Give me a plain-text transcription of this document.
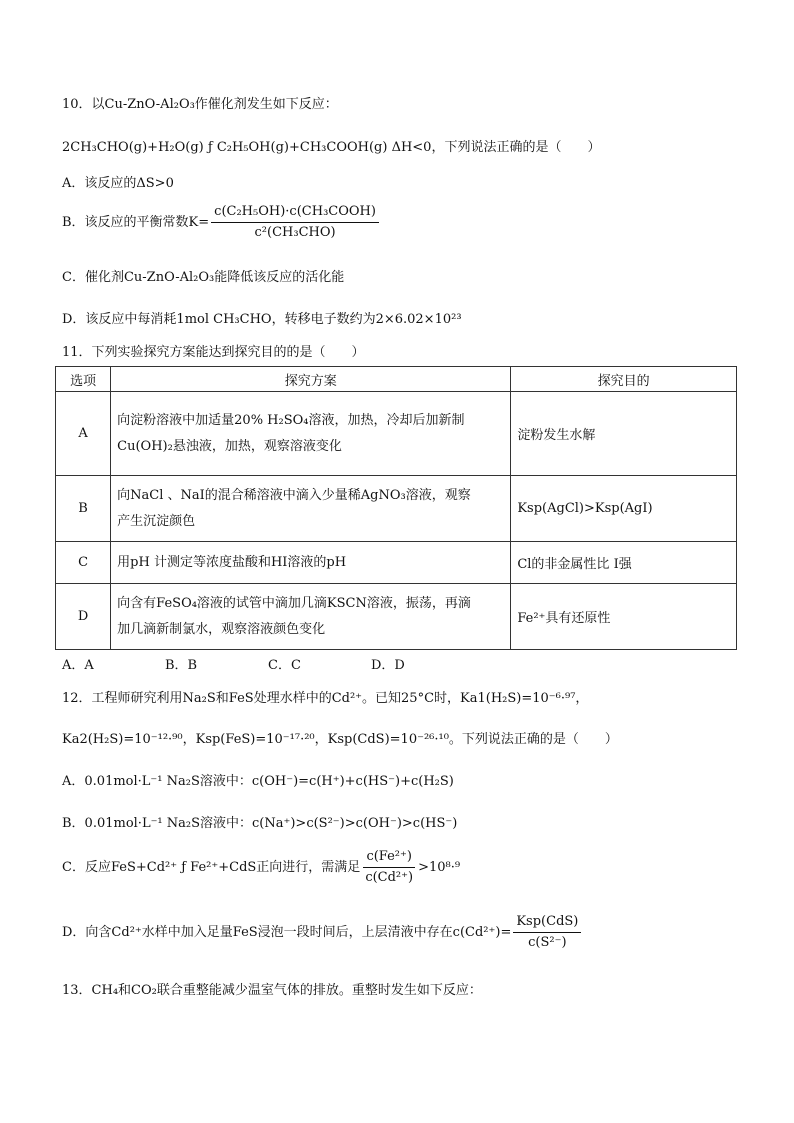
10．以Cu-ZnO-Al₂O₃作催化剂发生如下反应：
2CH₃CHO(g)+H₂O(g) ƒ C₂H₅OH(g)+CH₃COOH(g) ΔH<0，下列说法正确的是（　　）
A．该反应的ΔS>0
B．该反应的平衡常数$K= \frac{\text{c(C₂H₅OH)·c(CH₃COOH)}}{\text{c²(CH₃CHO)}}$
C．催化剂Cu-ZnO-Al₂O₃能降低该反应的活化能
D．该反应中每消耗1mol CH₃CHO，转移电子数约为2×6.02×10²³
11．下列实验探究方案能达到探究目的的是（　　）
选项	探究方案	探究目的
A	向淀粉溶液中加适量20% H₂SO₄溶液，加热，冷却后加新制
Cu(OH)₂悬浊液，加热，观察溶液变化	淀粉发生水解
B	向NaCl 、NaI的混合稀溶液中滴入少量稀AgNO₃溶液，观察
产生沉淀颜色	Ksp(AgCl)>Ksp(AgI)
C	用pH 计测定等浓度盐酸和HI溶液的pH	Cl的非金属性比 I强
D	向含有FeSO₄溶液的试管中滴加几滴KSCN溶液，振荡，再滴
加几滴新制氯水，观察溶液颜色变化	Fe²⁺具有还原性
A．A	B．B	C．C	D．D
12．工程师研究利用Na₂S和FeS处理水样中的Cd²⁺。已知25°C时，Ka1(H₂S)=10⁻⁶·⁹⁷，
Ka2(H₂S)=10⁻¹²·⁹⁰，Ksp(FeS)=10⁻¹⁷·²⁰，Ksp(CdS)=10⁻²⁶·¹⁰。下列说法正确的是（　　）
A．0.01mol·L⁻¹ Na₂S溶液中：c(OH⁻)=c(H⁺)+c(HS⁻)+c(H₂S)
B．0.01mol·L⁻¹ Na₂S溶液中：c(Na⁺)>c(S²⁻)>c(OH⁻)>c(HS⁻)
C．反应FeS+Cd²⁺ ƒ Fe²⁺+CdS正向进行，需满足 $\frac{\text{c(Fe²⁺)}}{\text{c(Cd²⁺)}} >10^8\cdot^9$
D．向含Cd²⁺水样中加入足量FeS浸泡一段时间后，上层清液中存在$c(Cd^{2+})= \frac{\text{Ksp(CdS)}}{\text{c(S²⁻)}}$
13．CH₄和CO₂联合重整能减少温室气体的排放。重整时发生如下反应：
